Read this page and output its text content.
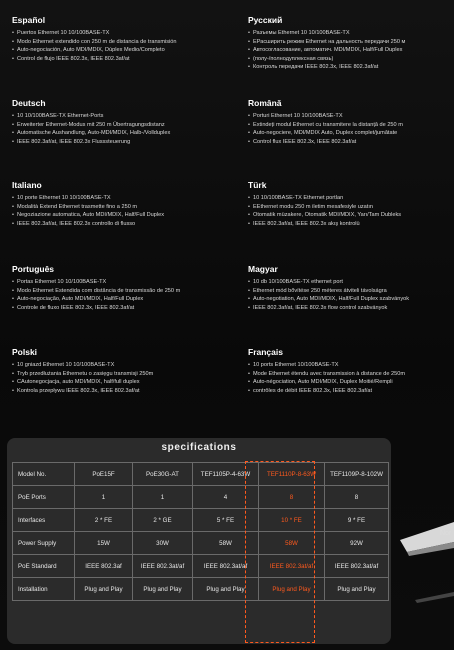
Español
• Puertos Ethernet 10 10/100BASE-TX
• Modo Ethernet extendido con 250 m de distancia de transmisión
• Auto-negociación, Auto MDI/MDIX, Dúplex Medio/Completo
• Control de flujo IEEE 802.3x, IEEE 802.3af/at
Русский
• Разъемы Ethernet 10 10/100BASE-TX
• ЕРасширить режим Ethernet на дальность передачи 250 м
• Автосогласование, автоматич. MDI/MDIX, Half/Full Duplex
• (полу-/полнодуплексная связь)
• Контроль передачи IEEE 802.3x, IEEE 802.3af/at
Deutsch
• 10 10/100BASE-TX Ethernet-Ports
• Erweiterter Ethernet-Modus mit 250 m Übertragungsdistanz
• Automatische Aushandlung, Auto-MDI/MDIX, Halb-/Vollduplex
• IEEE 802.3af/at, IEEE 802.3x Flusssteuerung
Română
• Porturi Ethernet 10 10/100BASE-TX
• Extindeți modul Ethernet cu transmitere la distanță de 250 m
• Auto-negociere, MDI/MDIX Auto, Duplex complet/jumătate
• Control flux IEEE 802.3x, IEEE 802.3af/at
Italiano
• 10 porte Ethernet 10 10/100BASE-TX
• Modalità Extend Ethernet trasmette fino a 250 m
• Negoziazione automatica, Auto MDI/MDIX, Half/Full Duplex
• IEEE 802.3af/at, IEEE 802.3x controllo di flusso
Türk
• 10 10/100BASE-TX Ethernet portları
• EEthernet modu 250 m iletim mesafesiyle uzatın
• Otomatik müzakere, Otomatik MDI/MDIX, Yarı/Tam Dubleks
• IEEE 802.3af/at, IEEE 802.3x akış kontrolü
Português
• Portas Ethernet 10 10/100BASE-TX
• Modo Ethernet Estendida com distância de transmissão de 250 m
• Auto-negociação, Auto MDI/MDIX, Half/Full Duplex
• Controle de fluxo IEEE 802.3x, IEEE 802.3af/at
Magyar
• 10 db 10/100BASE-TX ethernet port
• Ethernet mód bővítése 250 méteres átviteli távolságra
• Auto-negotiation, Auto MDI/MDIX, Half/Full Duplex szabványok
• IEEE 802.3af/at, IEEE 802.3x flow control szabványok
Polski
• 10 gniazd Ethernet 10 10/100BASE-TX
• Tryb przedłużania Ethernetu o zasięgu transmisji 250m
• CAutonegocjacja, auto MDI/MDIX, half/full duplex
• Kontrola przepływu IEEE 802.3x, IEEE 802.3af/at
Français
• 10 ports Ethernet 10/100BASE-TX
• Mode Ethernet étendu avec transmission à distance de 250m
• Auto-négociation, Auto MDI/MDIX, Duplex Moitié/Rempli
• contrôles de débit IEEE 802.3x, IEEE 802.3af/at
specifications
Model No.	PoE15F	PoE30G-AT	TEF1105P-4-63W	TEF1110P-8-63W	TEF1109P-8-102W
PoE Ports	1	1	4	8	8
Interfaces	2 * FE	2 * GE	5 * FE	10 * FE	9 * FE
Power Supply	15W	30W	58W	58W	92W
PoE Standard	IEEE 802.3af	IEEE 802.3at/af	IEEE 802.3at/af	IEEE 802.3at/af	IEEE 802.3at/af
Installation	Plug and Play	Plug and Play	Plug and Play	Plug and Play	Plug and Play
Nor
